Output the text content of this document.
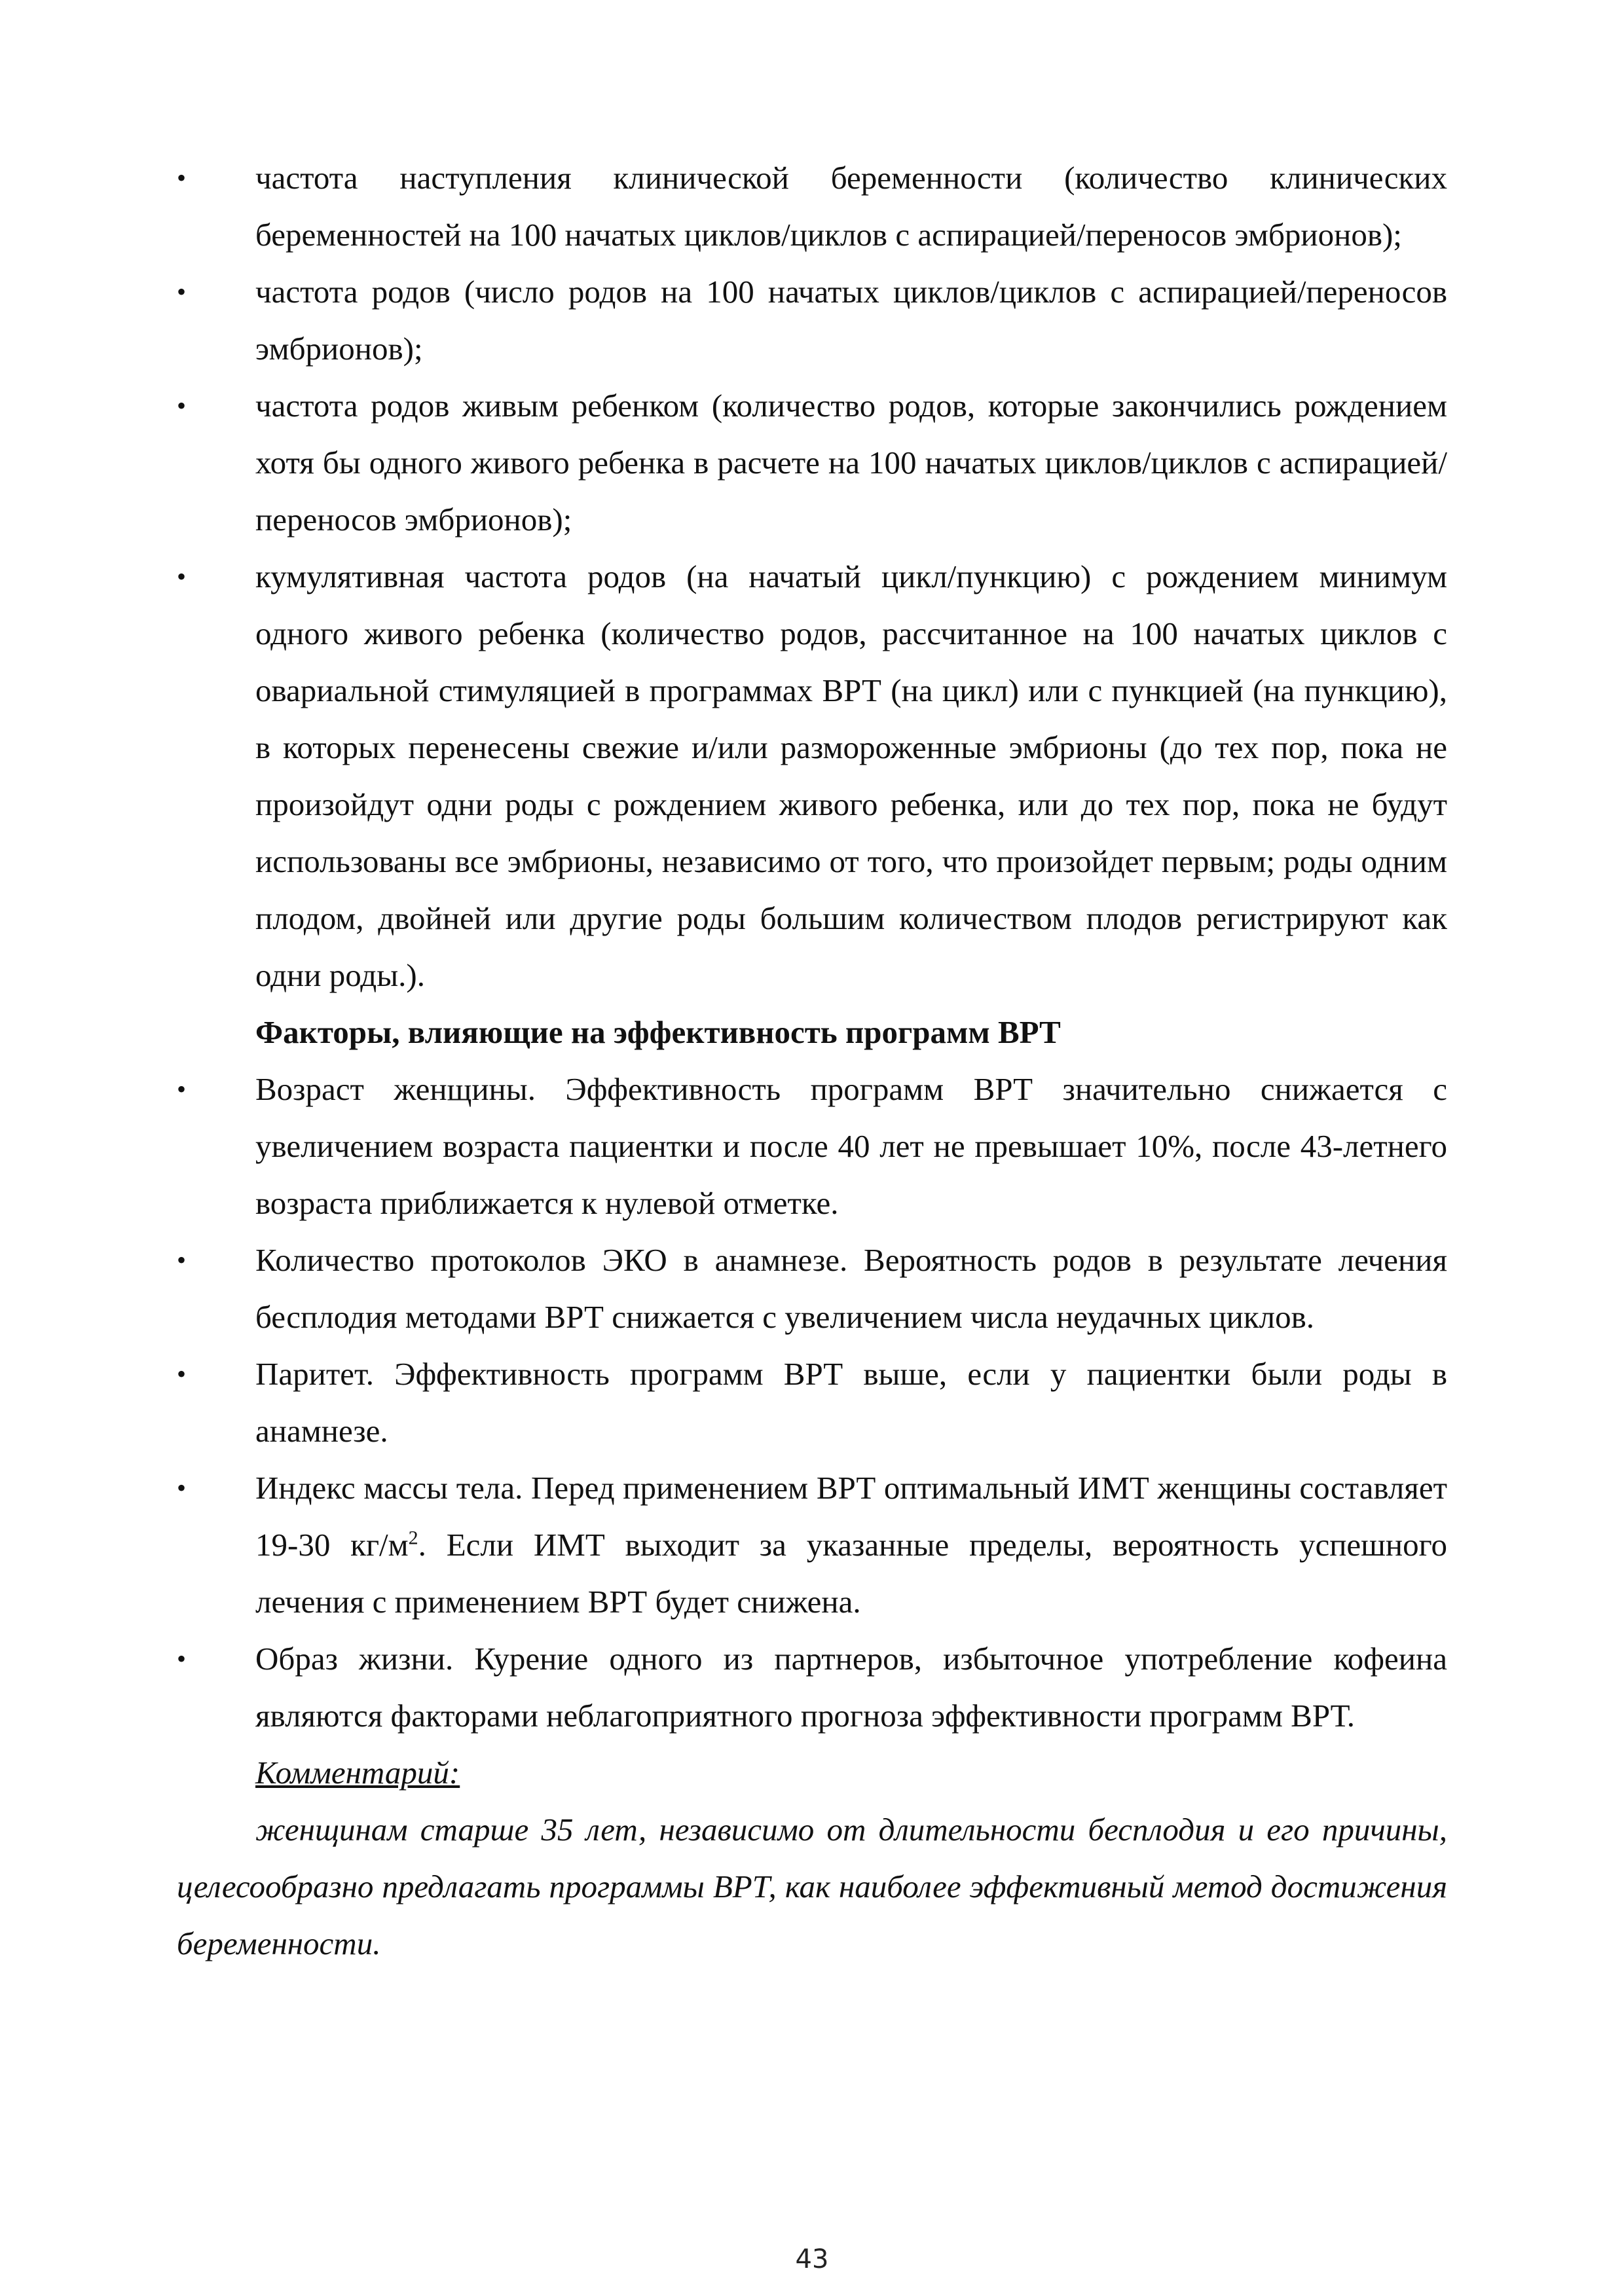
•	частота наступления клинической беременности (количество клинических беременностей на 100 начатых циклов/циклов с аспирацией/переносов эмбрионов);
•	частота родов (число родов на 100 начатых циклов/циклов с аспирацией/переносов эмбрионов);
•	частота родов живым ребенком (количество родов, которые закончились рождением хотя бы одного живого ребенка в расчете на 100 начатых циклов/циклов с аспирацией/переносов эмбрионов);
•	кумулятивная частота родов (на начатый цикл/пункцию) с рождением минимум одного живого ребенка (количество родов, рассчитанное на 100 начатых циклов с овариальной стимуляцией в программах ВРТ (на цикл) или с пункцией (на пункцию), в которых перенесены свежие и/или размороженные эмбрионы (до тех пор, пока не произойдут одни роды с рождением живого ребенка, или до тех пор, пока не будут использованы все эмбрионы, независимо от того, что произойдет первым; роды одним плодом, двойней или другие роды большим количеством плодов регистрируют как одни роды.).
Факторы, влияющие на эффективность программ ВРТ
•	Возраст женщины. Эффективность программ ВРТ значительно снижается с увеличением возраста пациентки и после 40 лет не превышает 10%, после 43-летнего возраста приближается к нулевой отметке.
•	Количество протоколов ЭКО в анамнезе. Вероятность родов в результате лечения бесплодия методами ВРТ снижается с увеличением числа неудачных циклов.
•	Паритет. Эффективность программ ВРТ выше, если у пациентки были роды в анамнезе.
•	Индекс массы тела. Перед применением ВРТ оптимальный ИМТ женщины составляет 19-30 $кг/м^2$. Если ИМТ выходит за указанные пределы, вероятность успешного лечения с применением ВРТ будет снижена.
•	Образ жизни. Курение одного из партнеров, избыточное употребление кофеина являются факторами неблагоприятного прогноза эффективности программ ВРТ.
Комментарий:
женщинам старше 35 лет, независимо от длительности бесплодия и его причины, целесообразно предлагать программы ВРТ, как наиболее эффективный метод достижения беременности.
43
